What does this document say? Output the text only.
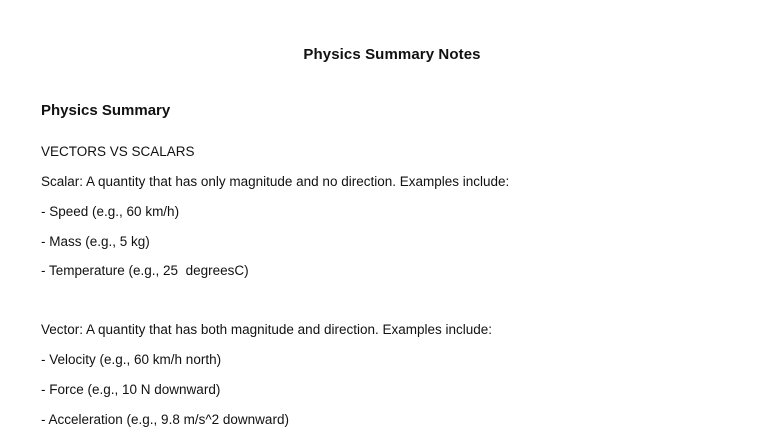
Physics Summary Notes
Physics Summary
VECTORS VS SCALARS
Scalar: A quantity that has only magnitude and no direction. Examples include:
- Speed (e.g., 60 km/h)
- Mass (e.g., 5 kg)
- Temperature (e.g., 25  degreesC)
Vector: A quantity that has both magnitude and direction. Examples include:
- Velocity (e.g., 60 km/h north)
- Force (e.g., 10 N downward)
- Acceleration (e.g., 9.8 m/s^2 downward)
